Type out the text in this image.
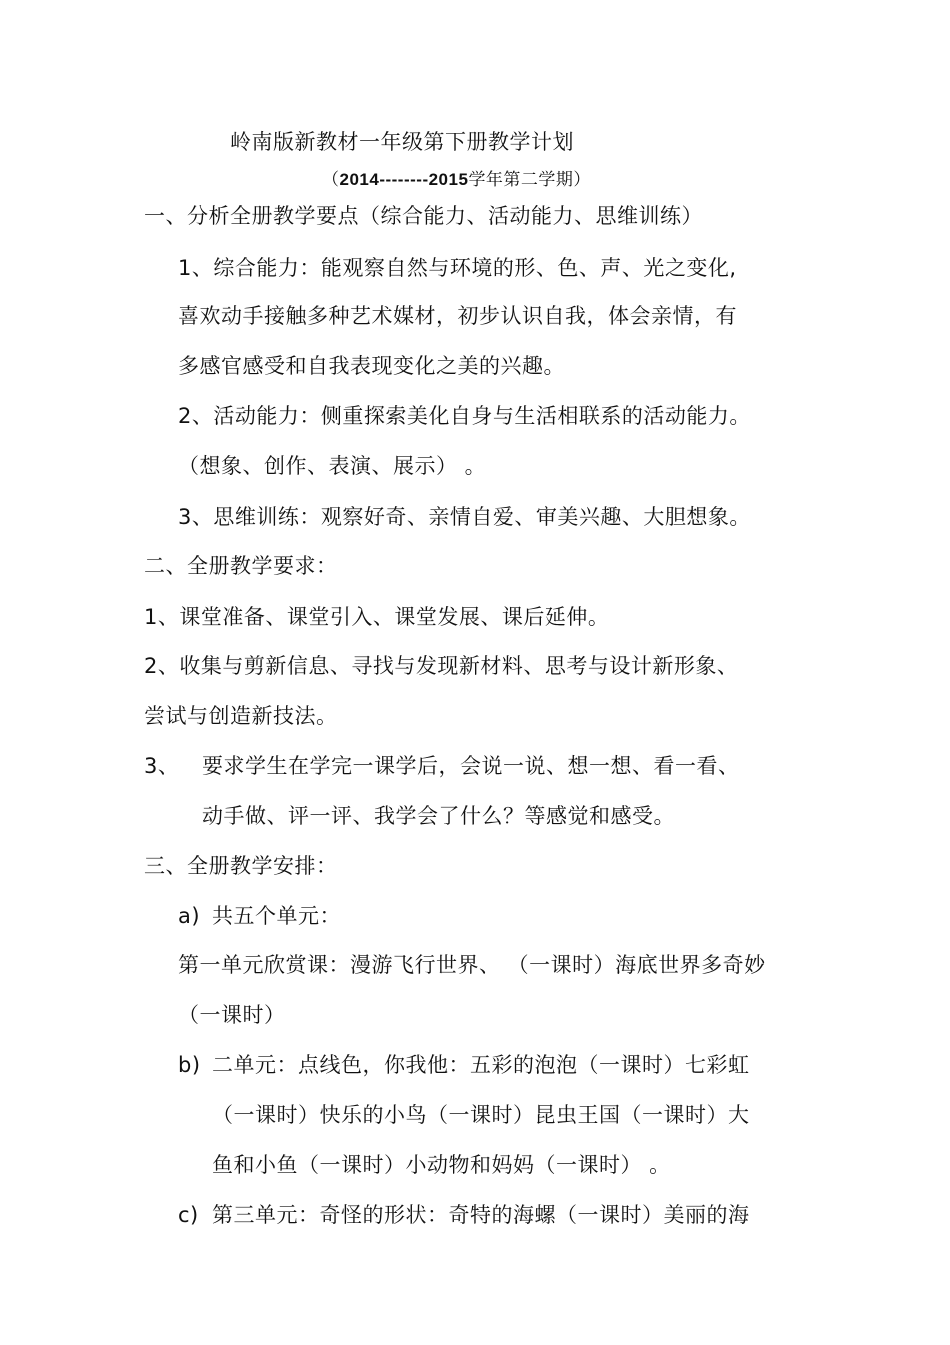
岭南版新教材一年级第下册教学计划
（2014--------2015学年第二学期）
一、分析全册教学要点（综合能力、活动能力、思维训练）
1、综合能力：能观察自然与环境的形、色、声、光之变化,
喜欢动手接触多种艺术媒材，初步认识自我，体会亲情，有
多感官感受和自我表现变化之美的兴趣。
2、活动能力：侧重探索美化自身与生活相联系的活动能力。
（想象、创作、表演、展示） 。
3、思维训练：观察好奇、亲情自爱、审美兴趣、大胆想象。
二、全册教学要求：
1、课堂准备、课堂引入、课堂发展、课后延伸。
2、收集与剪新信息、寻找与发现新材料、思考与设计新形象、
尝试与创造新技法。
3、 要求学生在学完一课学后，会说一说、想一想、看一看、
动手做、评一评、我学会了什么？等感觉和感受。
三、全册教学安排：
a) 共五个单元：
第一单元欣赏课：漫游飞行世界、 （一课时）海底世界多奇妙
（一课时）
b) 二单元：点线色，你我他：五彩的泡泡（一课时）七彩虹
（一课时）快乐的小鸟（一课时）昆虫王国（一课时）大
鱼和小鱼（一课时）小动物和妈妈（一课时） 。
c) 第三单元：奇怪的形状：奇特的海螺（一课时）美丽的海
